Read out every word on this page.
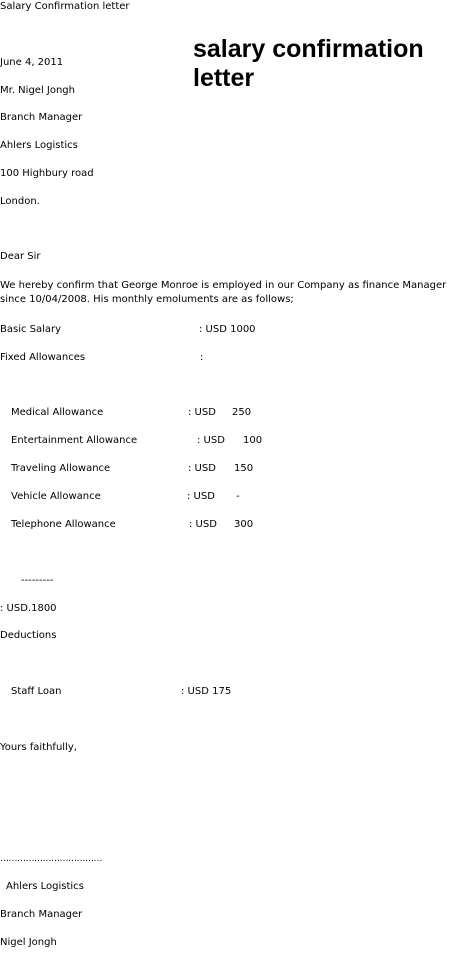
Salary Confirmation letter
salary confirmation letter
June 4, 2011
Mr. Nigel Jongh
Branch Manager
Ahlers Logistics
100 Highbury road
London.
Dear Sir
We hereby confirm that George Monroe is employed in our Company as finance Manager since 10/04/2008. His monthly emoluments are as follows;
Basic Salary	: USD 1000
Fixed Allowances	:
Medical Allowance	: USD 250
Entertainment Allowance	: USD 100
Traveling Allowance	: USD 150
Vehicle Allowance	: USD -
Telephone Allowance	: USD 300
---------
: USD.1800
Deductions
Staff Loan	: USD 175
Yours faithfully,
………………………………
Ahlers Logistics
Branch Manager
Nigel Jongh
